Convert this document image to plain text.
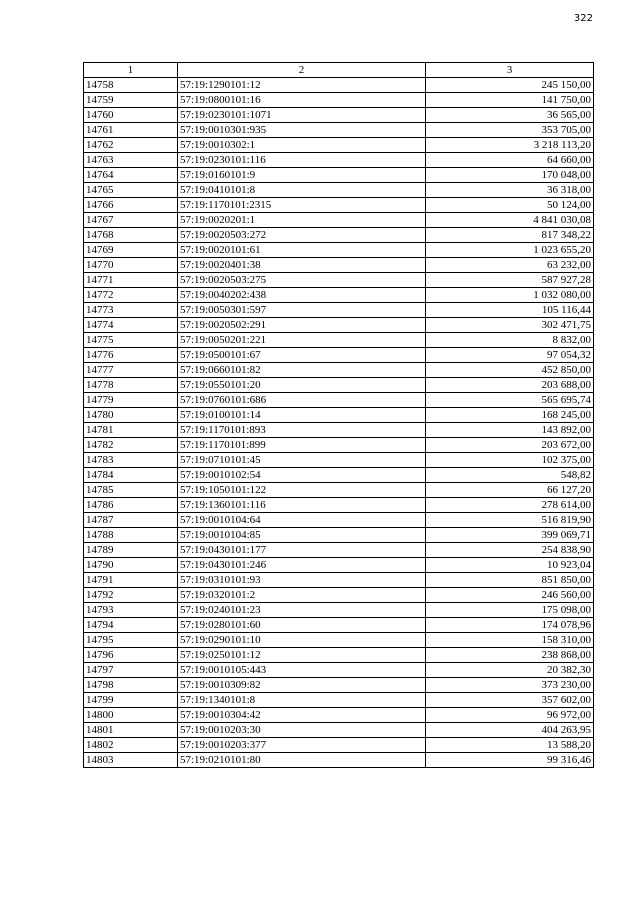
322
1	2	3
14758	57:19:1290101:12	245 150,00
14759	57:19:0800101:16	141 750,00
14760	57:19:0230101:1071	36 565,00
14761	57:19:0010301:935	353 705,00
14762	57:19:0010302:1	3 218 113,20
14763	57:19:0230101:116	64 660,00
14764	57:19:0160101:9	170 048,00
14765	57:19:0410101:8	36 318,00
14766	57:19:1170101:2315	50 124,00
14767	57:19:0020201:1	4 841 030,08
14768	57:19:0020503:272	817 348,22
14769	57:19:0020101:61	1 023 655,20
14770	57:19:0020401:38	63 232,00
14771	57:19:0020503:275	587 927,28
14772	57:19:0040202:438	1 032 080,00
14773	57:19:0050301:597	105 116,44
14774	57:19:0020502:291	302 471,75
14775	57:19:0050201:221	8 832,00
14776	57:19:0500101:67	97 054,32
14777	57:19:0660101:82	452 850,00
14778	57:19:0550101:20	203 688,00
14779	57:19:0760101:686	565 695,74
14780	57:19:0100101:14	168 245,00
14781	57:19:1170101:893	143 892,00
14782	57:19:1170101:899	203 672,00
14783	57:19:0710101:45	102 375,00
14784	57:19:0010102:54	548,82
14785	57:19:1050101:122	66 127,20
14786	57:19:1360101:116	278 614,00
14787	57:19:0010104:64	516 819,90
14788	57:19:0010104:85	399 069,71
14789	57:19:0430101:177	254 838,90
14790	57:19:0430101:246	10 923,04
14791	57:19:0310101:93	851 850,00
14792	57:19:0320101:2	246 560,00
14793	57:19:0240101:23	175 098,00
14794	57:19:0280101:60	174 078,96
14795	57:19:0290101:10	158 310,00
14796	57:19:0250101:12	238 868,00
14797	57:19:0010105:443	20 382,30
14798	57:19:0010309:82	373 230,00
14799	57:19:1340101:8	357 602,00
14800	57:19:0010304:42	96 972,00
14801	57:19:0010203:30	404 263,95
14802	57:19:0010203:377	13 588,20
14803	57:19:0210101:80	99 316,46
